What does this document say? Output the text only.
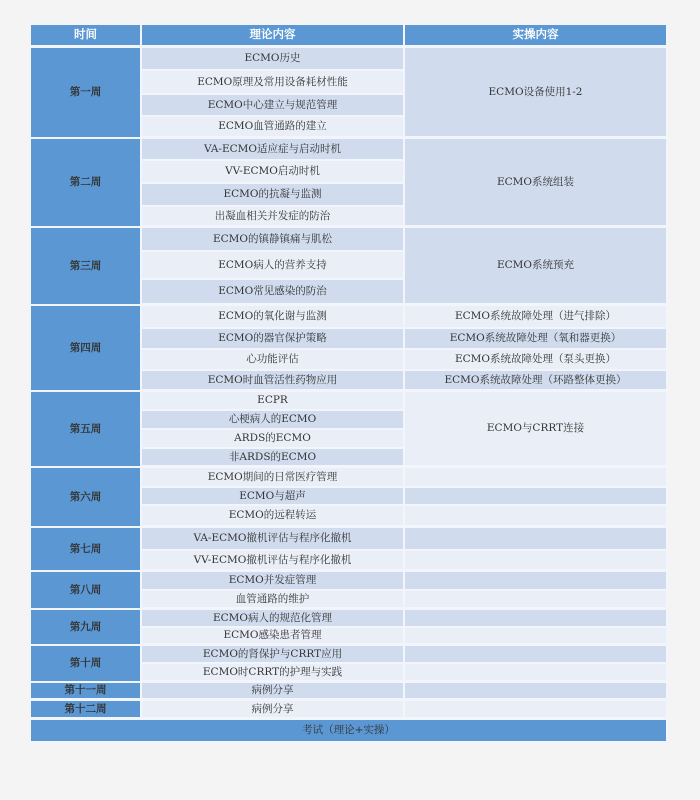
时间	理论内容	实操内容
第一周	ECMO历史	ECMO设备使用1-2
	ECMO原理及常用设备耗材性能	
	ECMO中心建立与规范管理	
	ECMO血管通路的建立	
第二周	VA-ECMO适应症与启动时机	ECMO系统组装
	VV-ECMO启动时机	
	ECMO的抗凝与监测	
	出凝血相关并发症的防治	
第三周	ECMO的镇静镇痛与肌松	ECMO系统预充
	ECMO病人的营养支持	
	ECMO常见感染的防治	
第四周	ECMO的氧化谢与监测	ECMO系统故障处理（进气排除）
	ECMO的器官保护策略	ECMO系统故障处理（氧和器更换）
	心功能评估	ECMO系统故障处理（泵头更换）
	ECMO时血管活性药物应用	ECMO系统故障处理（环路整体更换）
第五周	ECPR	ECMO与CRRT连接
	心梗病人的ECMO	
	ARDS的ECMO	
	非ARDS的ECMO	
第六周	ECMO期间的日常医疗管理	
	ECMO与超声	
	ECMO的远程转运	
第七周	VA-ECMO撤机评估与程序化撤机	
	VV-ECMO撤机评估与程序化撤机	
第八周	ECMO并发症管理	
	血管通路的维护	
第九周	ECMO病人的规范化管理	
	ECMO感染患者管理	
第十周	ECMO的肾保护与CRRT应用	
	ECMO时CRRT的护理与实践	
第十一周	病例分享	
第十二周	病例分享	
考试（理论+实操）		
